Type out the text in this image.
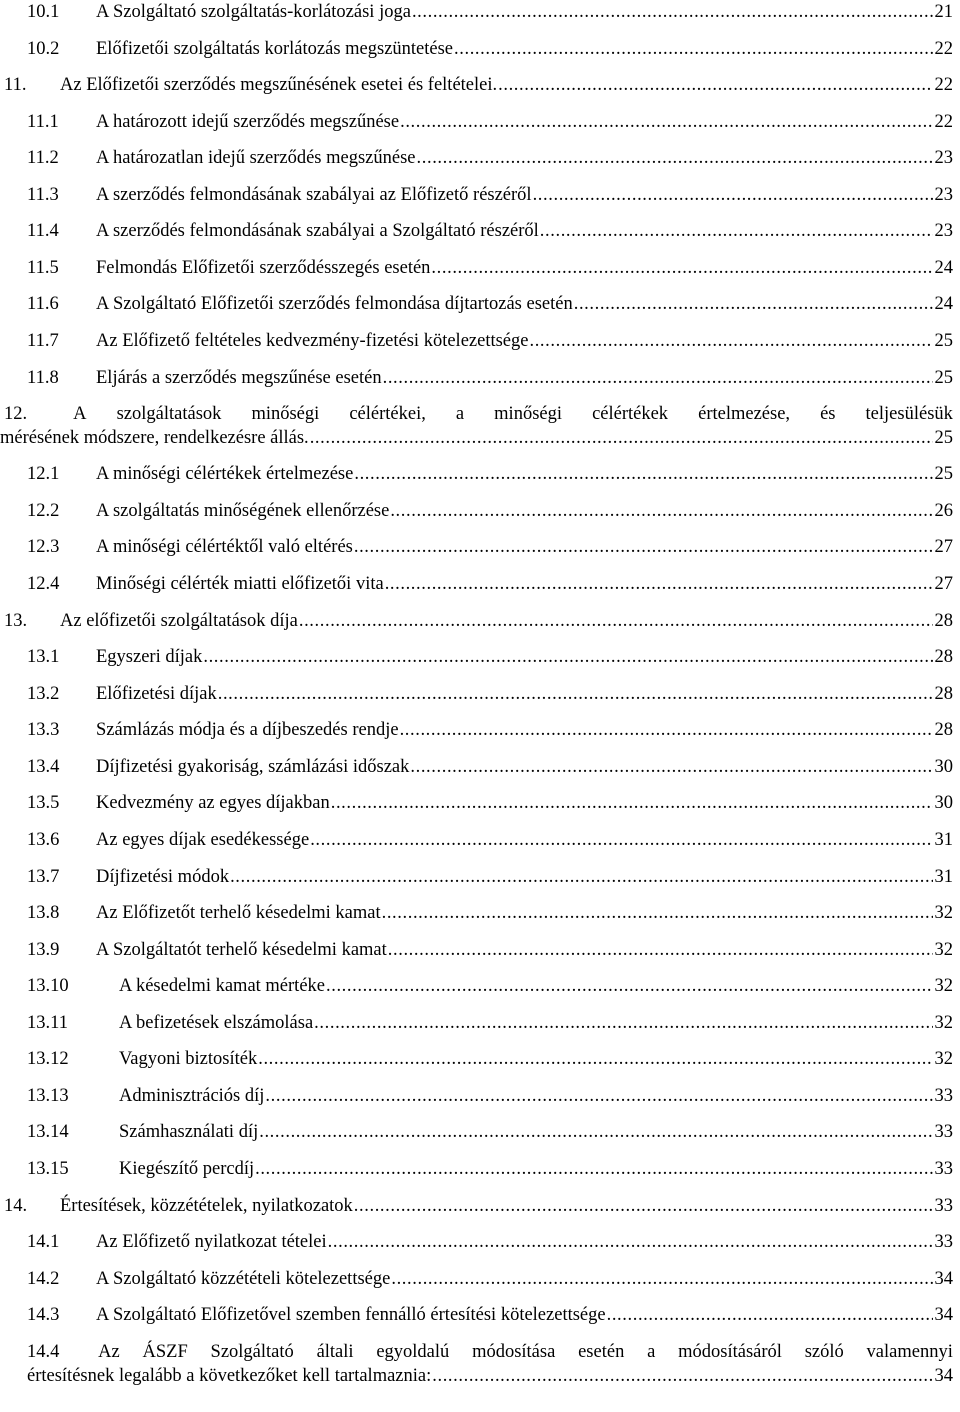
10.1	A Szolgáltató szolgáltatás-korlátozási joga .....	21
10.2	Előfizetői szolgáltatás korlátozás megszüntetése .....	22
11.	Az Előfizetői szerződés megszűnésének esetei és feltételei. .....	22
11.1	A határozott idejű szerződés megszűnése .....	22
11.2	A határozatlan idejű szerződés megszűnése .....	23
11.3	A szerződés felmondásának szabályai az Előfizető részéről .....	23
11.4	A szerződés felmondásának szabályai a Szolgáltató részéről .....	23
11.5	Felmondás Előfizetői szerződésszegés esetén .....	24
11.6	A Szolgáltató Előfizetői szerződés felmondása díjtartozás esetén .....	24
11.7	Az Előfizető feltételes kedvezmény-fizetési kötelezettsége .....	25
11.8	Eljárás a szerződés megszűnése esetén .....	25
12. A szolgáltatások minőségi célértékei, a minőségi célértékek értelmezése, és teljesülésük
mérésének módszere, rendelkezésre állás. .....	25
12.1	A minőségi célértékek értelmezése .....	25
12.2	A szolgáltatás minőségének ellenőrzése .....	26
12.3	A minőségi célértéktől való eltérés .....	27
12.4	Minőségi célérték miatti előfizetői vita .....	27
13.	Az előfizetői szolgáltatások díja .....	28
13.1	Egyszeri díjak .....	28
13.2	Előfizetési díjak .....	28
13.3	Számlázás módja és a díjbeszedés rendje .....	28
13.4	Díjfizetési gyakoriság, számlázási időszak .....	30
13.5	Kedvezmény az egyes díjakban .....	30
13.6	Az egyes díjak esedékessége .....	31
13.7	Díjfizetési módok .....	31
13.8	Az Előfizetőt terhelő késedelmi kamat .....	32
13.9	A Szolgáltatót terhelő késedelmi kamat .....	32
13.10	A késedelmi kamat mértéke .....	32
13.11	A befizetések elszámolása .....	32
13.12	Vagyoni biztosíték .....	32
13.13	Adminisztrációs díj .....	33
13.14	Számhasználati díj .....	33
13.15	Kiegészítő percdíj .....	33
14.	Értesítések, közzétételek, nyilatkozatok .....	33
14.1	Az Előfizető nyilatkozat tételei .....	33
14.2	A Szolgáltató közzétételi kötelezettsége .....	34
14.3	A Szolgáltató Előfizetővel szemben fennálló értesítési kötelezettsége .....	34
14.4 Az ÁSZF Szolgáltató általi egyoldalú módosítása esetén a módosításáról szóló valamennyi
értesítésnek legalább a következőket kell tartalmaznia: .....	34
